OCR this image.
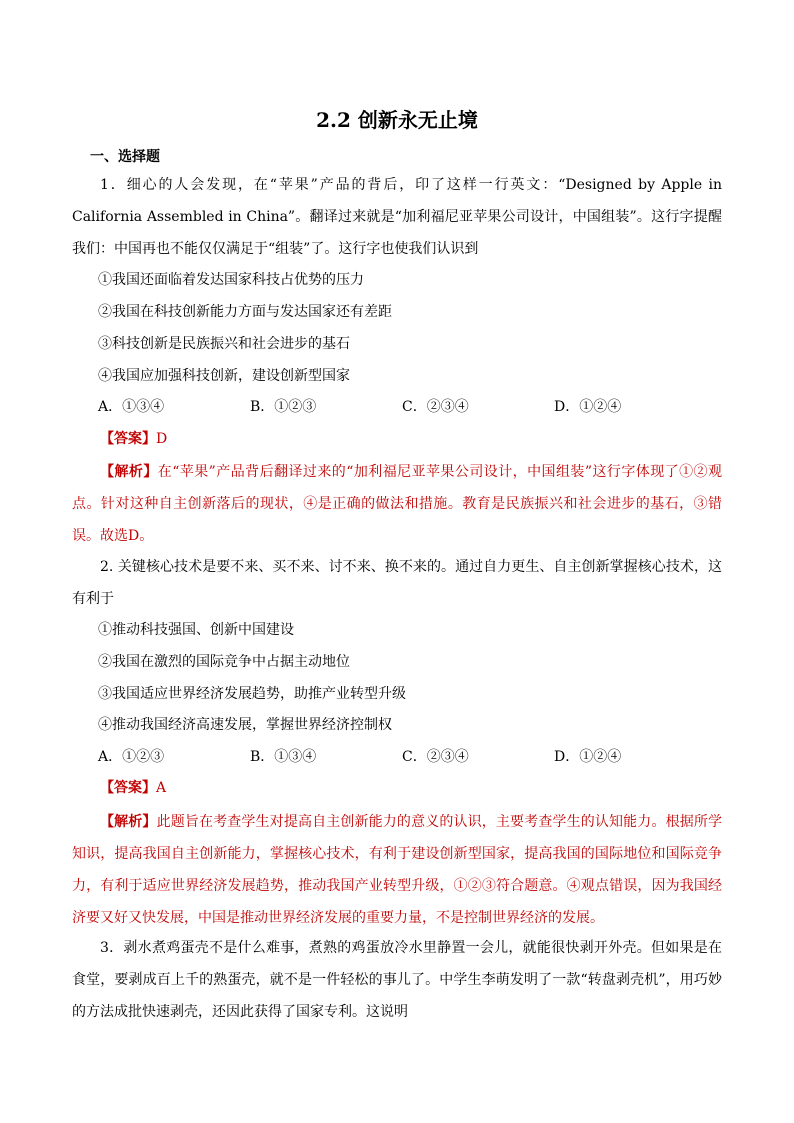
2.2 创新永无止境
一、选择题
1．细心的人会发现，在“苹果”产品的背后，印了这样一行英文：“Designed by Apple in California Assembled in China”。翻译过来就是“加利福尼亚苹果公司设计，中国组装”。这行字提醒我们：中国再也不能仅仅满足于“组装”了。这行字也使我们认识到
①我国还面临着发达国家科技占优势的压力
②我国在科技创新能力方面与发达国家还有差距
③科技创新是民族振兴和社会进步的基石
④我国应加强科技创新，建设创新型国家
A．①③④	B．①②③	C．②③④	D．①②④
【答案】D
【解析】在“苹果”产品背后翻译过来的“加利福尼亚苹果公司设计，中国组装”这行字体现了①②观点。针对这种自主创新落后的现状，④是正确的做法和措施。教育是民族振兴和社会进步的基石，③错误。故选D。
2. 关键核心技术是要不来、买不来、讨不来、换不来的。通过自力更生、自主创新掌握核心技术，这有利于
①推动科技强国、创新中国建设
②我国在激烈的国际竞争中占据主动地位
③我国适应世界经济发展趋势，助推产业转型升级
④推动我国经济高速发展，掌握世界经济控制权
A．①②③	B．①③④	C．②③④	D．①②④
【答案】A
【解析】此题旨在考查学生对提高自主创新能力的意义的认识，主要考查学生的认知能力。根据所学知识，提高我国自主创新能力，掌握核心技术，有利于建设创新型国家，提高我国的国际地位和国际竞争力，有利于适应世界经济发展趋势，推动我国产业转型升级，①②③符合题意。④观点错误，因为我国经济要又好又快发展，中国是推动世界经济发展的重要力量，不是控制世界经济的发展。
3．剥水煮鸡蛋壳不是什么难事，煮熟的鸡蛋放冷水里静置一会儿，就能很快剥开外壳。但如果是在食堂，要剥成百上千的熟蛋壳，就不是一件轻松的事儿了。中学生李萌发明了一款“转盘剥壳机”，用巧妙的方法成批快速剥壳，还因此获得了国家专利。这说明
